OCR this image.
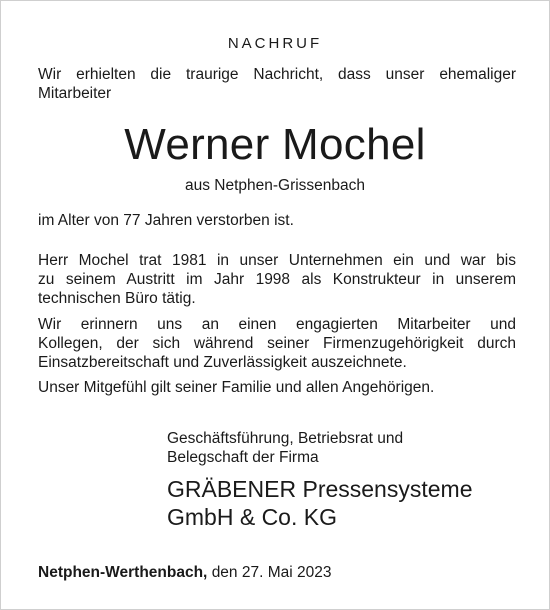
NACHRUF
Wir erhielten die traurige Nachricht, dass unser ehemaliger
Mitarbeiter
Werner Mochel
aus Netphen-Grissenbach
im Alter von 77 Jahren verstorben ist.
Herr Mochel trat 1981 in unser Unternehmen ein und war bis
zu seinem Austritt im Jahr 1998 als Konstrukteur in unserem
technischen Büro tätig.
Wir erinnern uns an einen engagierten Mitarbeiter und
Kollegen, der sich während seiner Firmenzugehörigkeit durch
Einsatzbereitschaft und Zuverlässigkeit auszeichnete.
Unser Mitgefühl gilt seiner Familie und allen Angehörigen.
Geschäftsführung, Betriebsrat und
Belegschaft der Firma
GRÄBENER Pressensysteme
GmbH & Co. KG
Netphen-Werthenbach, den 27. Mai 2023
